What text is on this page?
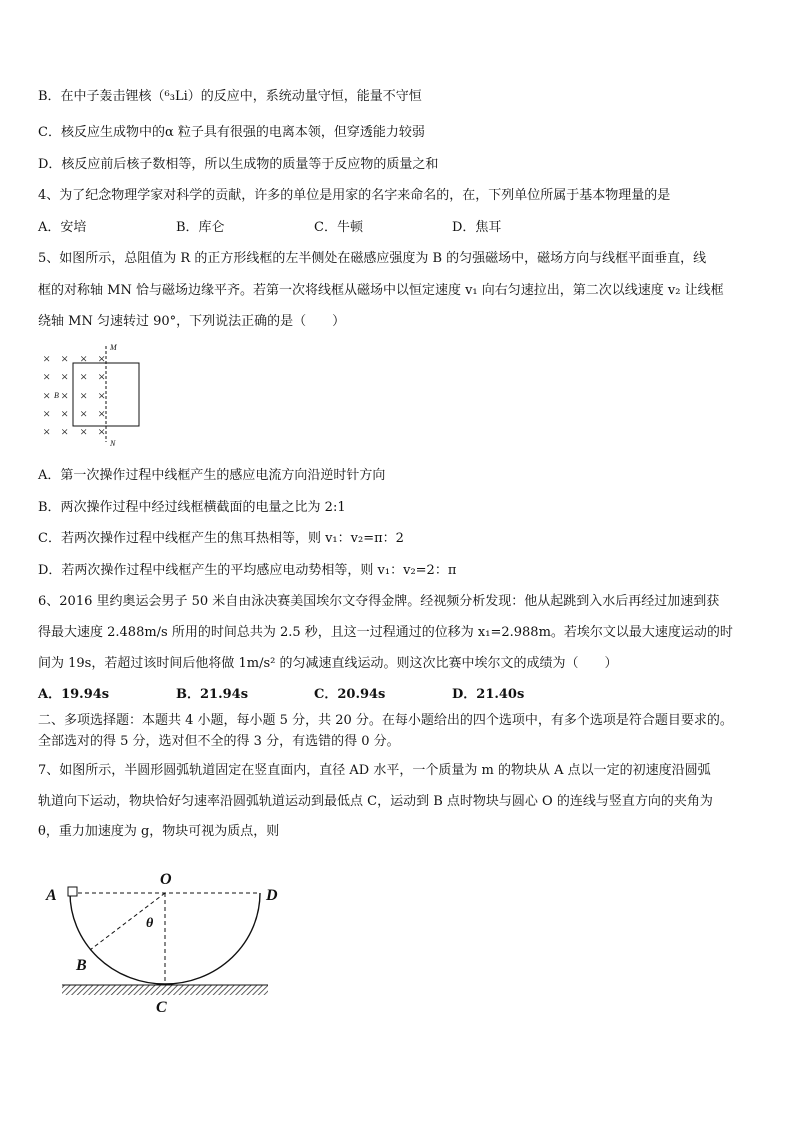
B．在中子轰击锂核（⁶₃Li）的反应中，系统动量守恒，能量不守恒
C．核反应生成物中的α 粒子具有很强的电离本领，但穿透能力较弱
D．核反应前后核子数相等，所以生成物的质量等于反应物的质量之和
4、为了纪念物理学家对科学的贡献，许多的单位是用家的名字来命名的，在，下列单位所属于基本物理量的是
A．安培	B．库仑	C．牛顿	D．焦耳
5、如图所示，总阻值为 R 的正方形线框的左半侧处在磁感应强度为 B 的匀强磁场中，磁场方向与线框平面垂直，线
框的对称轴 MN 恰与磁场边缘平齐。若第一次将线框从磁场中以恒定速度 v₁ 向右匀速拉出，第二次以线速度 v₂ 让线框
绕轴 MN 匀速转过 90°，下列说法正确的是（　　）
× × × ×
× × × ×
× × × ×
× × × ×
× × × ×
B
M
N
A．第一次操作过程中线框产生的感应电流方向沿逆时针方向
B．两次操作过程中经过线框横截面的电量之比为 2:1
C．若两次操作过程中线框产生的焦耳热相等，则 v₁：v₂=π：2
D．若两次操作过程中线框产生的平均感应电动势相等，则 v₁：v₂=2：π
6、2016 里约奥运会男子 50 米自由泳决赛美国埃尔文夺得金牌。经视频分析发现：他从起跳到入水后再经过加速到获
得最大速度 2.488m/s 所用的时间总共为 2.5 秒，且这一过程通过的位移为 x₁=2.988m。若埃尔文以最大速度运动的时
间为 19s，若超过该时间后他将做 1m/s² 的匀减速直线运动。则这次比赛中埃尔文的成绩为（　　）
A．19.94s	B．21.94s	C．20.94s	D．21.40s
二、多项选择题：本题共 4 小题，每小题 5 分，共 20 分。在每小题给出的四个选项中，有多个选项是符合题目要求的。
全部选对的得 5 分，选对但不全的得 3 分，有选错的得 0 分。
7、如图所示，半圆形圆弧轨道固定在竖直面内，直径 AD 水平，一个质量为 m 的物块从 A 点以一定的初速度沿圆弧
轨道向下运动，物块恰好匀速率沿圆弧轨道运动到最低点 C，运动到 B 点时物块与圆心 O 的连线与竖直方向的夹角为
θ，重力加速度为 g，物块可视为质点，则
A
O
D
B
C
θ
